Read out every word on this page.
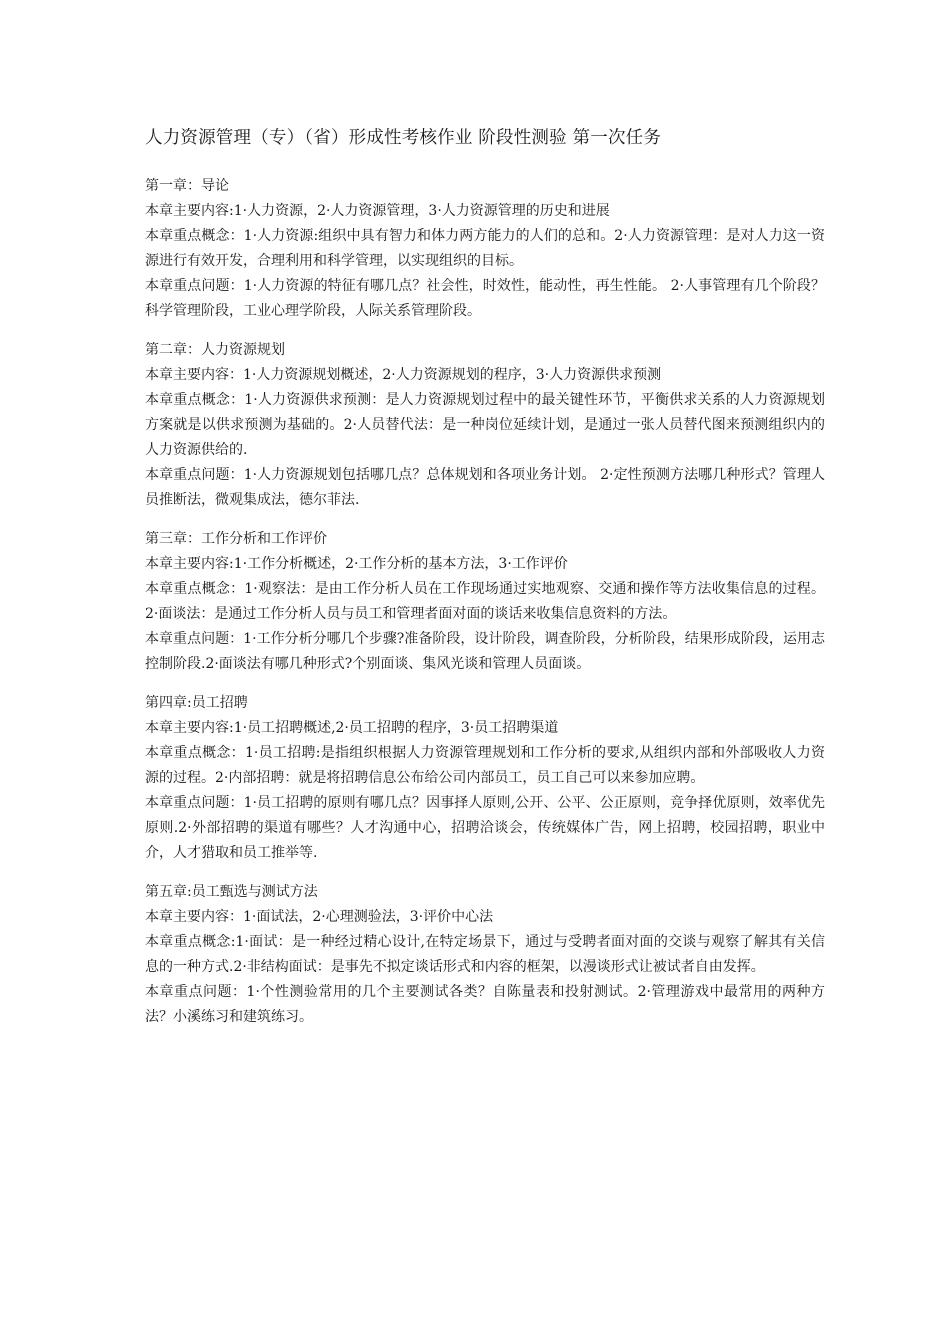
人力资源管理（专）（省）形成性考核作业 阶段性测验 第一次任务
第一章：导论
本章主要内容:1·人力资源，2·人力资源管理，3·人力资源管理的历史和进展
本章重点概念：1·人力资源:组织中具有智力和体力两方能力的人们的总和。2·人力资源管理：是对人力这一资源进行有效开发，合理利用和科学管理，以实现组织的目标。
本章重点问题：1·人力资源的特征有哪几点？社会性，时效性，能动性，再生性能。 2·人事管理有几个阶段？科学管理阶段，工业心理学阶段，人际关系管理阶段。
第二章：人力资源规划
本章主要内容：1·人力资源规划概述，2·人力资源规划的程序，3·人力资源供求预测
本章重点概念：1·人力资源供求预测：是人力资源规划过程中的最关键性环节，平衡供求关系的人力资源规划方案就是以供求预测为基础的。2·人员替代法：是一种岗位延续计划，是通过一张人员替代图来预测组织内的人力资源供给的.
本章重点问题：1·人力资源规划包括哪几点？总体规划和各项业务计划。 2·定性预测方法哪几种形式？管理人员推断法，微观集成法，德尔菲法.
第三章：工作分析和工作评价
本章主要内容:1·工作分析概述，2·工作分析的基本方法，3·工作评价
本章重点概念：1·观察法：是由工作分析人员在工作现场通过实地观察、交通和操作等方法收集信息的过程。2·面谈法：是通过工作分析人员与员工和管理者面对面的谈话来收集信息资料的方法。
本章重点问题：1·工作分析分哪几个步骤?准备阶段，设计阶段，调查阶段，分析阶段，结果形成阶段，运用志控制阶段.2·面谈法有哪几种形式?个别面谈、集风光谈和管理人员面谈。
第四章:员工招聘
本章主要内容:1·员工招聘概述,2·员工招聘的程序，3·员工招聘渠道
本章重点概念：1·员工招聘:是指组织根据人力资源管理规划和工作分析的要求,从组织内部和外部吸收人力资源的过程。2·内部招聘：就是将招聘信息公布给公司内部员工，员工自己可以来参加应聘。
本章重点问题：1·员工招聘的原则有哪几点？因事择人原则,公开、公平、公正原则，竞争择优原则，效率优先原则.2·外部招聘的渠道有哪些？人才沟通中心，招聘洽谈会，传统媒体广告，网上招聘，校园招聘，职业中介，人才猎取和员工推举等.
第五章:员工甄选与测试方法
本章主要内容：1·面试法，2·心理测验法，3·评价中心法
本章重点概念:1·面试：是一种经过精心设计,在特定场景下，通过与受聘者面对面的交谈与观察了解其有关信息的一种方式.2·非结构面试：是事先不拟定谈话形式和内容的框架，以漫谈形式让被试者自由发挥。
本章重点问题：1·个性测验常用的几个主要测试各类？自陈量表和投射测试。2·管理游戏中最常用的两种方法？小溪练习和建筑练习。
